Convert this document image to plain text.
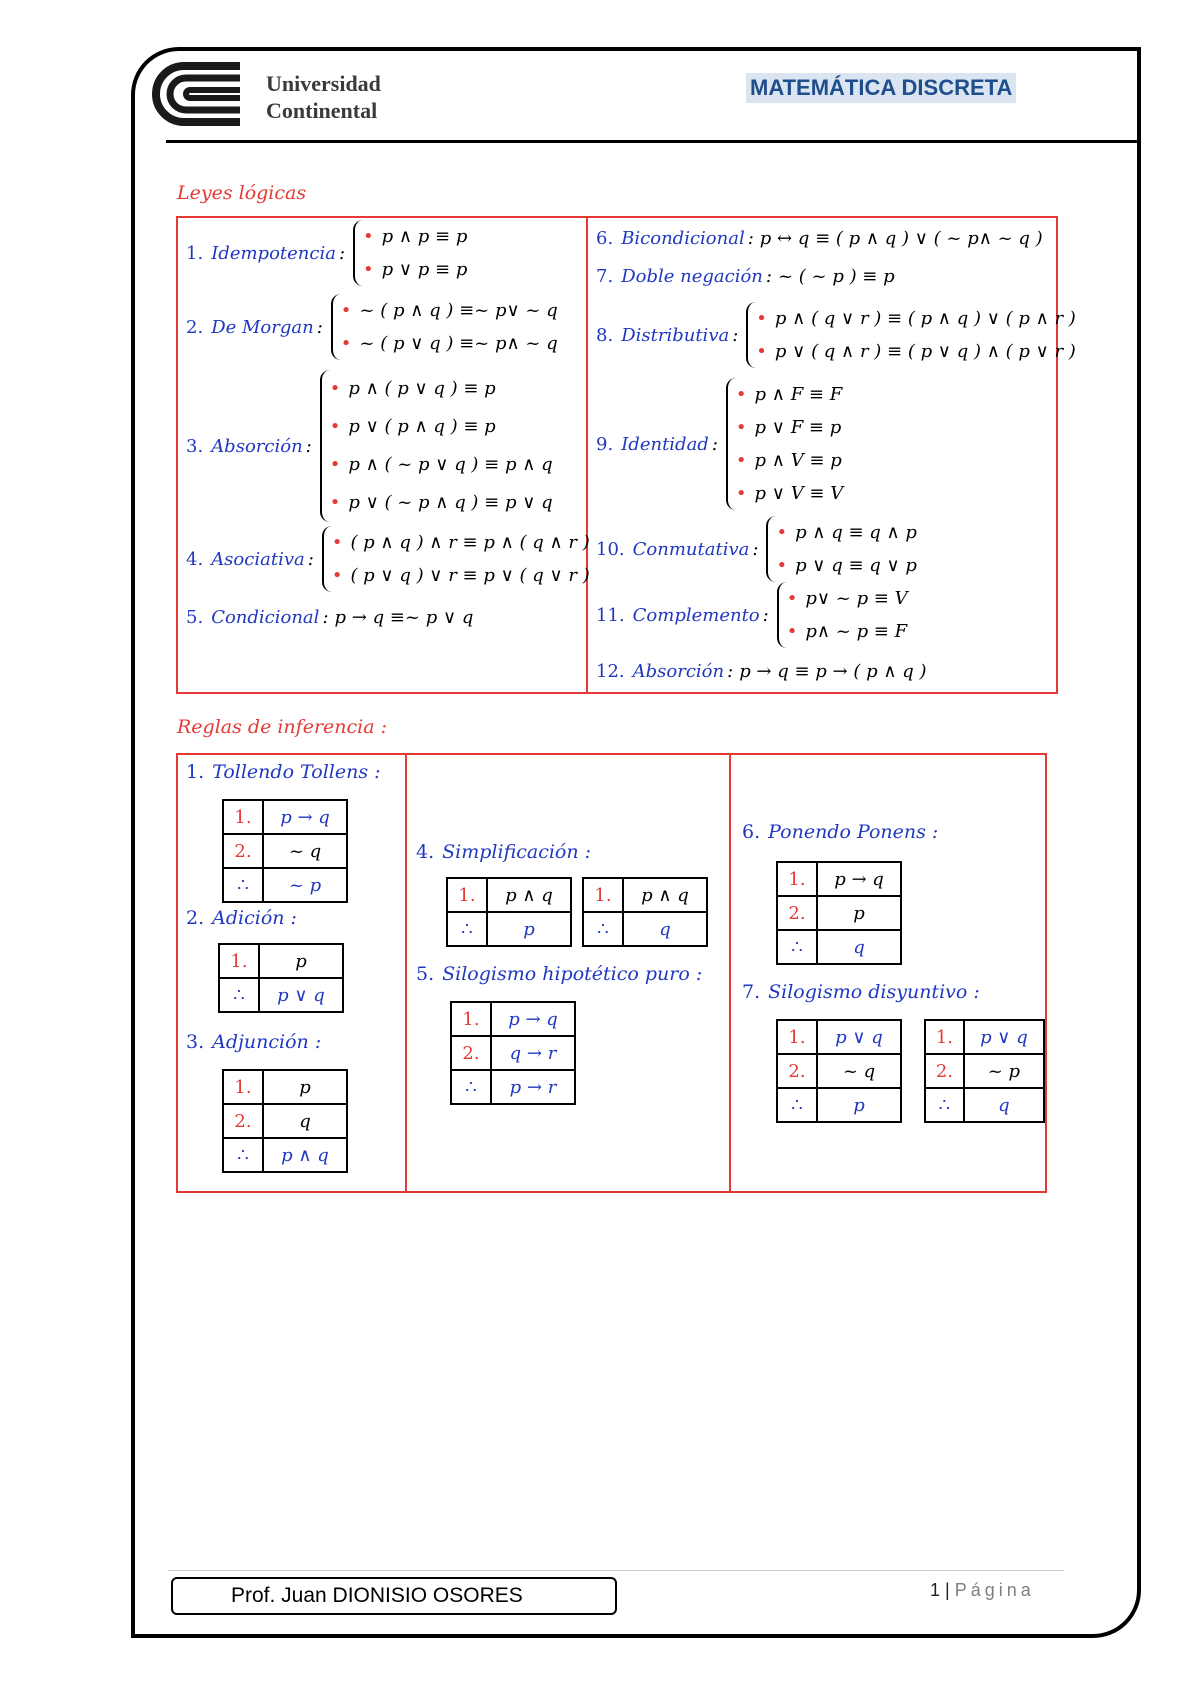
Universidad
Continental
MATEMÁTICA DISCRETA
Leyes lógicas
1. Idempotencia :
• p ∧ p ≡ p
• p ∨ p ≡ p
2. De Morgan :
• ~ ( p ∧ q ) ≡~ p∨ ~ q
• ~ ( p ∨ q ) ≡~ p∧ ~ q
3. Absorción :
• p ∧ ( p ∨ q ) ≡ p
• p ∨ ( p ∧ q ) ≡ p
• p ∧ ( ~ p ∨ q ) ≡ p ∧ q
• p ∨ ( ~ p ∧ q ) ≡ p ∨ q
4. Asociativa :
• ( p ∧ q ) ∧ r ≡ p ∧ ( q ∧ r )
• ( p ∨ q ) ∨ r ≡ p ∨ ( q ∨ r )
5. Condicional : p → q ≡~ p ∨ q
6. Bicondicional : p ↔ q ≡ ( p ∧ q ) ∨ ( ~ p∧ ~ q )
7. Doble negación : ~ ( ~ p ) ≡ p
8. Distributiva :
• p ∧ ( q ∨ r ) ≡ ( p ∧ q ) ∨ ( p ∧ r )
• p ∨ ( q ∧ r ) ≡ ( p ∨ q ) ∧ ( p ∨ r )
9. Identidad :
• p ∧ F ≡ F
• p ∨ F ≡ p
• p ∧ V ≡ p
• p ∨ V ≡ V
10. Conmutativa :
• p ∧ q ≡ q ∧ p
• p ∨ q ≡ q ∨ p
11. Complemento :
• p∨ ~ p ≡ V
• p∧ ~ p ≡ F
12. Absorción : p → q ≡ p → ( p ∧ q )
Reglas de inferencia :
1. Tollendo Tollens :
1.	p → q
2.	~ q
∴	~ p
2. Adición :
1.	p
∴	p ∨ q
3. Adjunción :
1.	p
2.	q
∴	p ∧ q
4. Simplificación :
1.	p ∧ q
∴	p
1.	p ∧ q
∴	q
5. Silogismo hipotético puro :
1.	p → q
2.	q → r
∴	p → r
6. Ponendo Ponens :
1.	p → q
2.	p
∴	q
7. Silogismo disyuntivo :
1.	p ∨ q
2.	~ q
∴	p
1.	p ∨ q
2.	~ p
∴	q
Prof. Juan DIONISIO OSORES	1 | Página
